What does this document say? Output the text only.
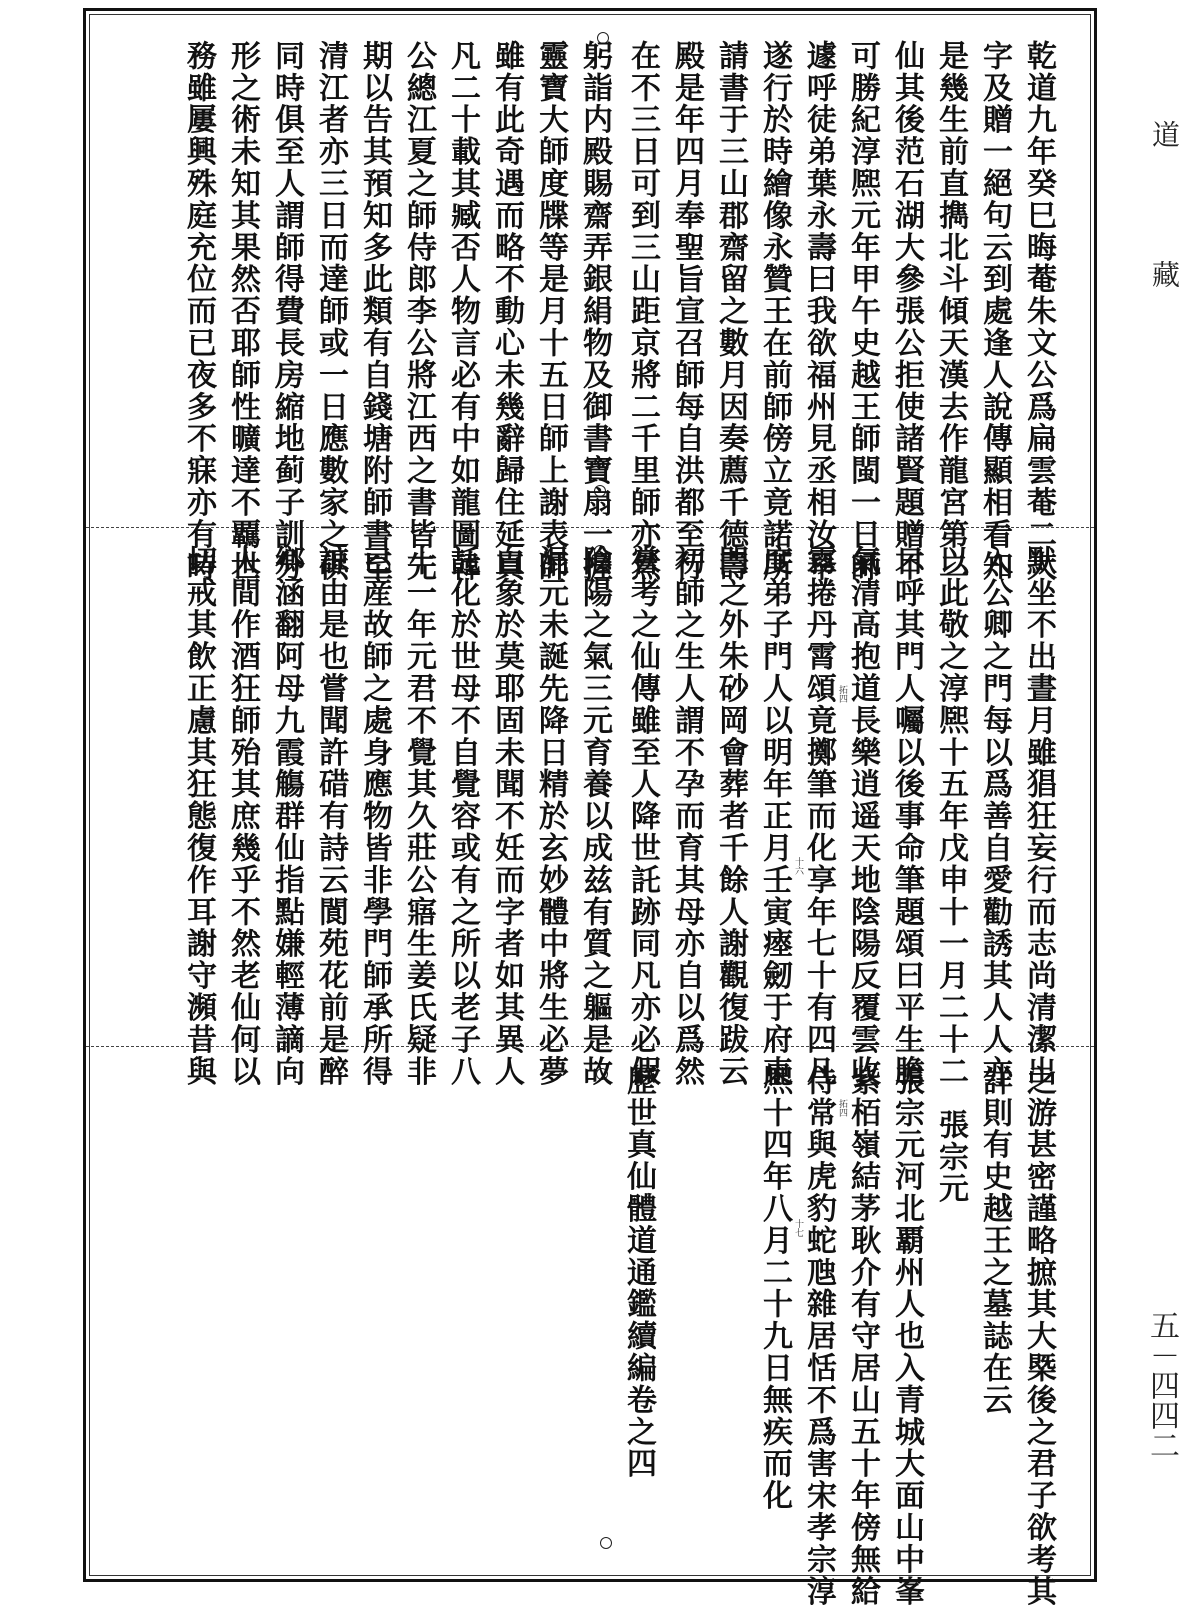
道
藏
五－四四二
乾道九年癸巳晦菴朱文公爲扁雲菴二大
字及贈一絕句云到處逢人說傳顯相看知
是幾生前直擕北斗傾天漢去作龍宮第二
仙其後范石湖大參張公拒使諸賢題贈不
可勝紀淳熈元年甲午史越王師閩一日師
遽呼徒弟葉永壽曰我欲福州見丞相汝早
遂行於時繪像永贊王在前師傍立竟諾所
請書于三山郡齋留之數月因奏薦千德壽
殿是年四月奉聖旨宣召師每自洪都至行
在不三日可到三山距京將二千里師亦然
躬詣内殿賜齋弄銀絹物及御書寶扇一握
靈寶大師度牒等是月十五日師上謝表師
雖有此奇遇而略不動心未幾辭歸住延真
凡二十載其臧否人物言必有中如龍圖韓
公總江夏之師侍郎李公將江西之書皆先
期以告其預知多此類有自錢塘附師書至
清江者亦三日而達師或一日應數家之供
同時俱至人謂師得費長房縮地蓟子訓分
形之術未知其果然否耶師性曠達不覊世
務雖屢興殊庭充位而已夜多不寐亦有時
默坐不出晝月雖猖狂妄行而志尚清潔出
入公卿之門每以爲善自愛勸誘其人人亦
以此敬之淳熈十五年戊申十一月二十二
日呼其門人囑以後事命筆題頌曰平生膽
氣清高抱道長樂逍遥天地陰陽反覆雲收
霧捲丹霄頌竟擲筆而化享年七十有四凡
度弟子門人以明年正月壬寅瘞劒于府東
門之外朱砂岡會葬者千餘人謝觀復跋云
初師之生人謂不孕而育其母亦自以爲然
嘗考之仙傳雖至人降世託跡同凡亦必假
陰陽之氣三元育養以成兹有質之軀是故
混元未誕先降日精於玄妙體中將生必夢
白象於莫耶固未聞不妊而字者如其異人
託化於世母不自覺容或有之所以老子八
十一年元君不覺其久莊公寤生姜氏疑非
已産故師之處身應物皆非學門師承所得
諒由是也嘗聞許碏有詩云閬苑花前是醉
鄉涵翻阿母九霞觴群仙指點嫌輕薄謫向
人間作酒狂師殆其庶幾乎不然老仙何以
切戒其飲正慮其狂態復作耳謝守瀕昔與	拓四
十六
之游甚密謹略摭其大槩後之君子欲考其
詳則有史越王之墓誌在云
張宗元
張宗元河北覇州人也入青城大面山中峯
紫栢嶺結茅耿介有守居山五十年傍無給
侍常與虎豹蛇虺雜居恬不爲害宋孝宗淳
熈十四年八月二十九日無疾而化
歷世真仙體道通鑑續編卷之四	拓四
十七
